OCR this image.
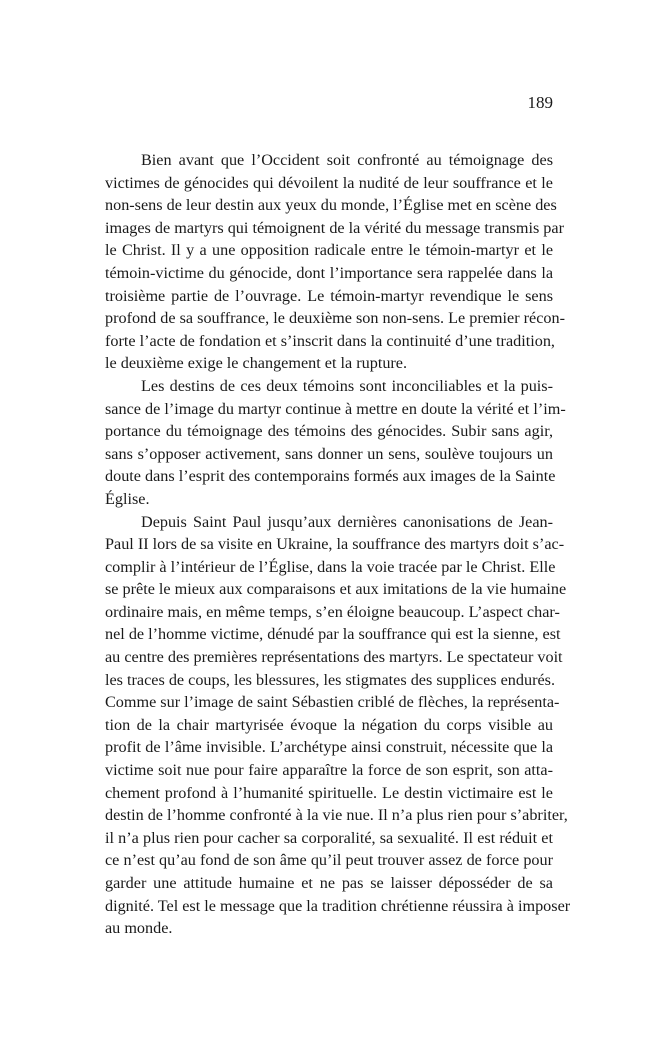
189
Bien avant que l’Occident soit confronté au témoignage des
victimes de génocides qui dévoilent la nudité de leur souffrance et le
non-sens de leur destin aux yeux du monde, l’Église met en scène des
images de martyrs qui témoignent de la vérité du message transmis par
le Christ. Il y a une opposition radicale entre le témoin-martyr et le
témoin-victime du génocide, dont l’importance sera rappelée dans la
troisième partie de l’ouvrage. Le témoin-martyr revendique le sens
profond de sa souffrance, le deuxième son non-sens. Le premier récon-
forte l’acte de fondation et s’inscrit dans la continuité d’une tradition,
le deuxième exige le changement et la rupture.
Les destins de ces deux témoins sont inconciliables et la puis-
sance de l’image du martyr continue à mettre en doute la vérité et l’im-
portance du témoignage des témoins des génocides. Subir sans agir,
sans s’opposer activement, sans donner un sens, soulève toujours un
doute dans l’esprit des contemporains formés aux images de la Sainte
Église.
Depuis Saint Paul jusqu’aux dernières canonisations de Jean-
Paul II lors de sa visite en Ukraine, la souffrance des martyrs doit s’ac-
complir à l’intérieur de l’Église, dans la voie tracée par le Christ. Elle
se prête le mieux aux comparaisons et aux imitations de la vie humaine
ordinaire mais, en même temps, s’en éloigne beaucoup. L’aspect char-
nel de l’homme victime, dénudé par la souffrance qui est la sienne, est
au centre des premières représentations des martyrs. Le spectateur voit
les traces de coups, les blessures, les stigmates des supplices endurés.
Comme sur l’image de saint Sébastien criblé de flèches, la représenta-
tion de la chair martyrisée évoque la négation du corps visible au
profit de l’âme invisible. L’archétype ainsi construit, nécessite que la
victime soit nue pour faire apparaître la force de son esprit, son atta-
chement profond à l’humanité spirituelle. Le destin victimaire est le
destin de l’homme confronté à la vie nue. Il n’a plus rien pour s’abriter,
il n’a plus rien pour cacher sa corporalité, sa sexualité. Il est réduit et
ce n’est qu’au fond de son âme qu’il peut trouver assez de force pour
garder une attitude humaine et ne pas se laisser déposséder de sa
dignité. Tel est le message que la tradition chrétienne réussira à imposer
au monde.
